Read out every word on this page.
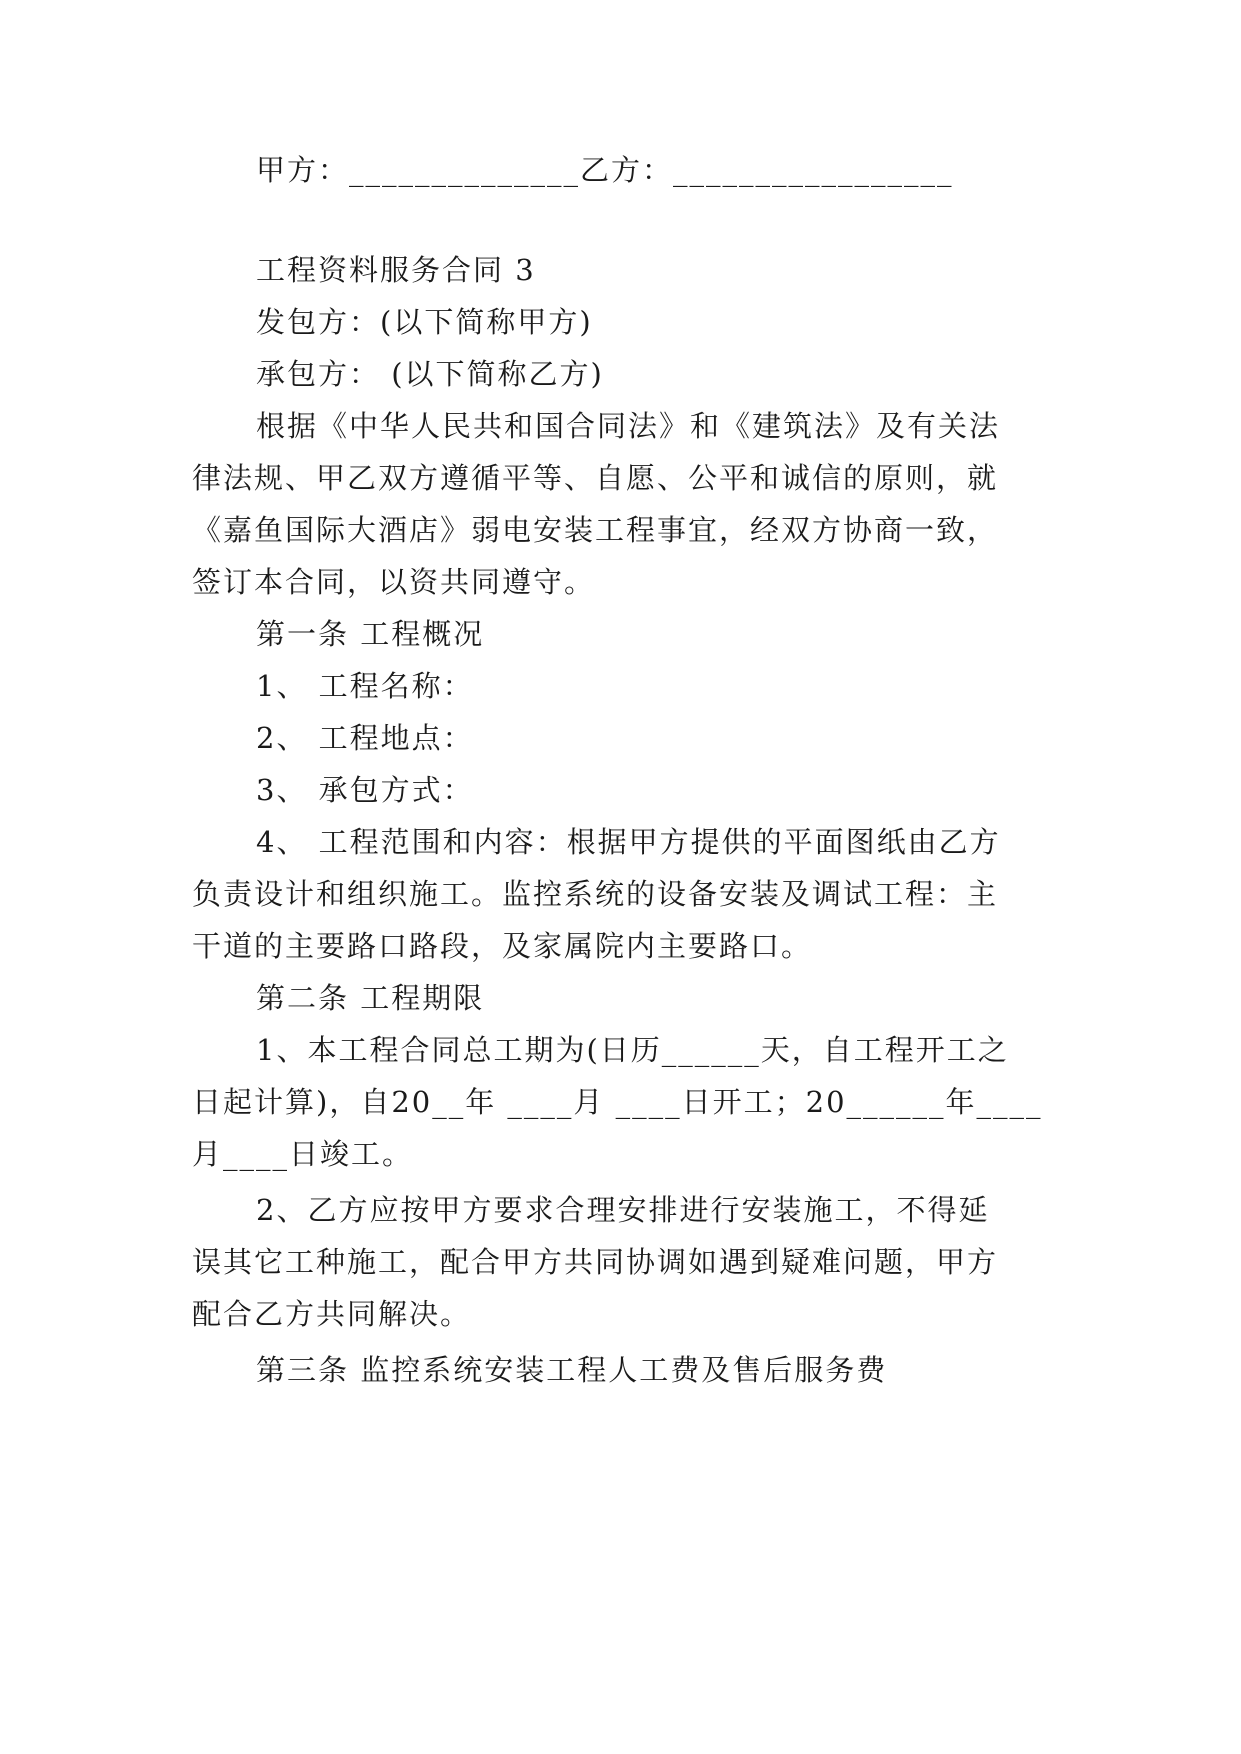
甲方：______________乙方：_________________
工程资料服务合同 3
发包方：(以下简称甲方)
承包方： (以下简称乙方)
根据《中华人民共和国合同法》和《建筑法》及有关法
律法规、甲乙双方遵循平等、自愿、公平和诚信的原则，就
《嘉鱼国际大酒店》弱电安装工程事宜，经双方协商一致，
签订本合同，以资共同遵守。
第一条 工程概况
1、 工程名称：
2、 工程地点：
3、 承包方式：
4、 工程范围和内容：根据甲方提供的平面图纸由乙方
负责设计和组织施工。监控系统的设备安装及调试工程：主
干道的主要路口路段，及家属院内主要路口。
第二条 工程期限
1、本工程合同总工期为(日历______天，自工程开工之
日起计算)，自20__年 ____月 ____日开工；20______年____
月____日竣工。
2、乙方应按甲方要求合理安排进行安装施工，不得延
误其它工种施工，配合甲方共同协调如遇到疑难问题，甲方
配合乙方共同解决。
第三条 监控系统安装工程人工费及售后服务费
